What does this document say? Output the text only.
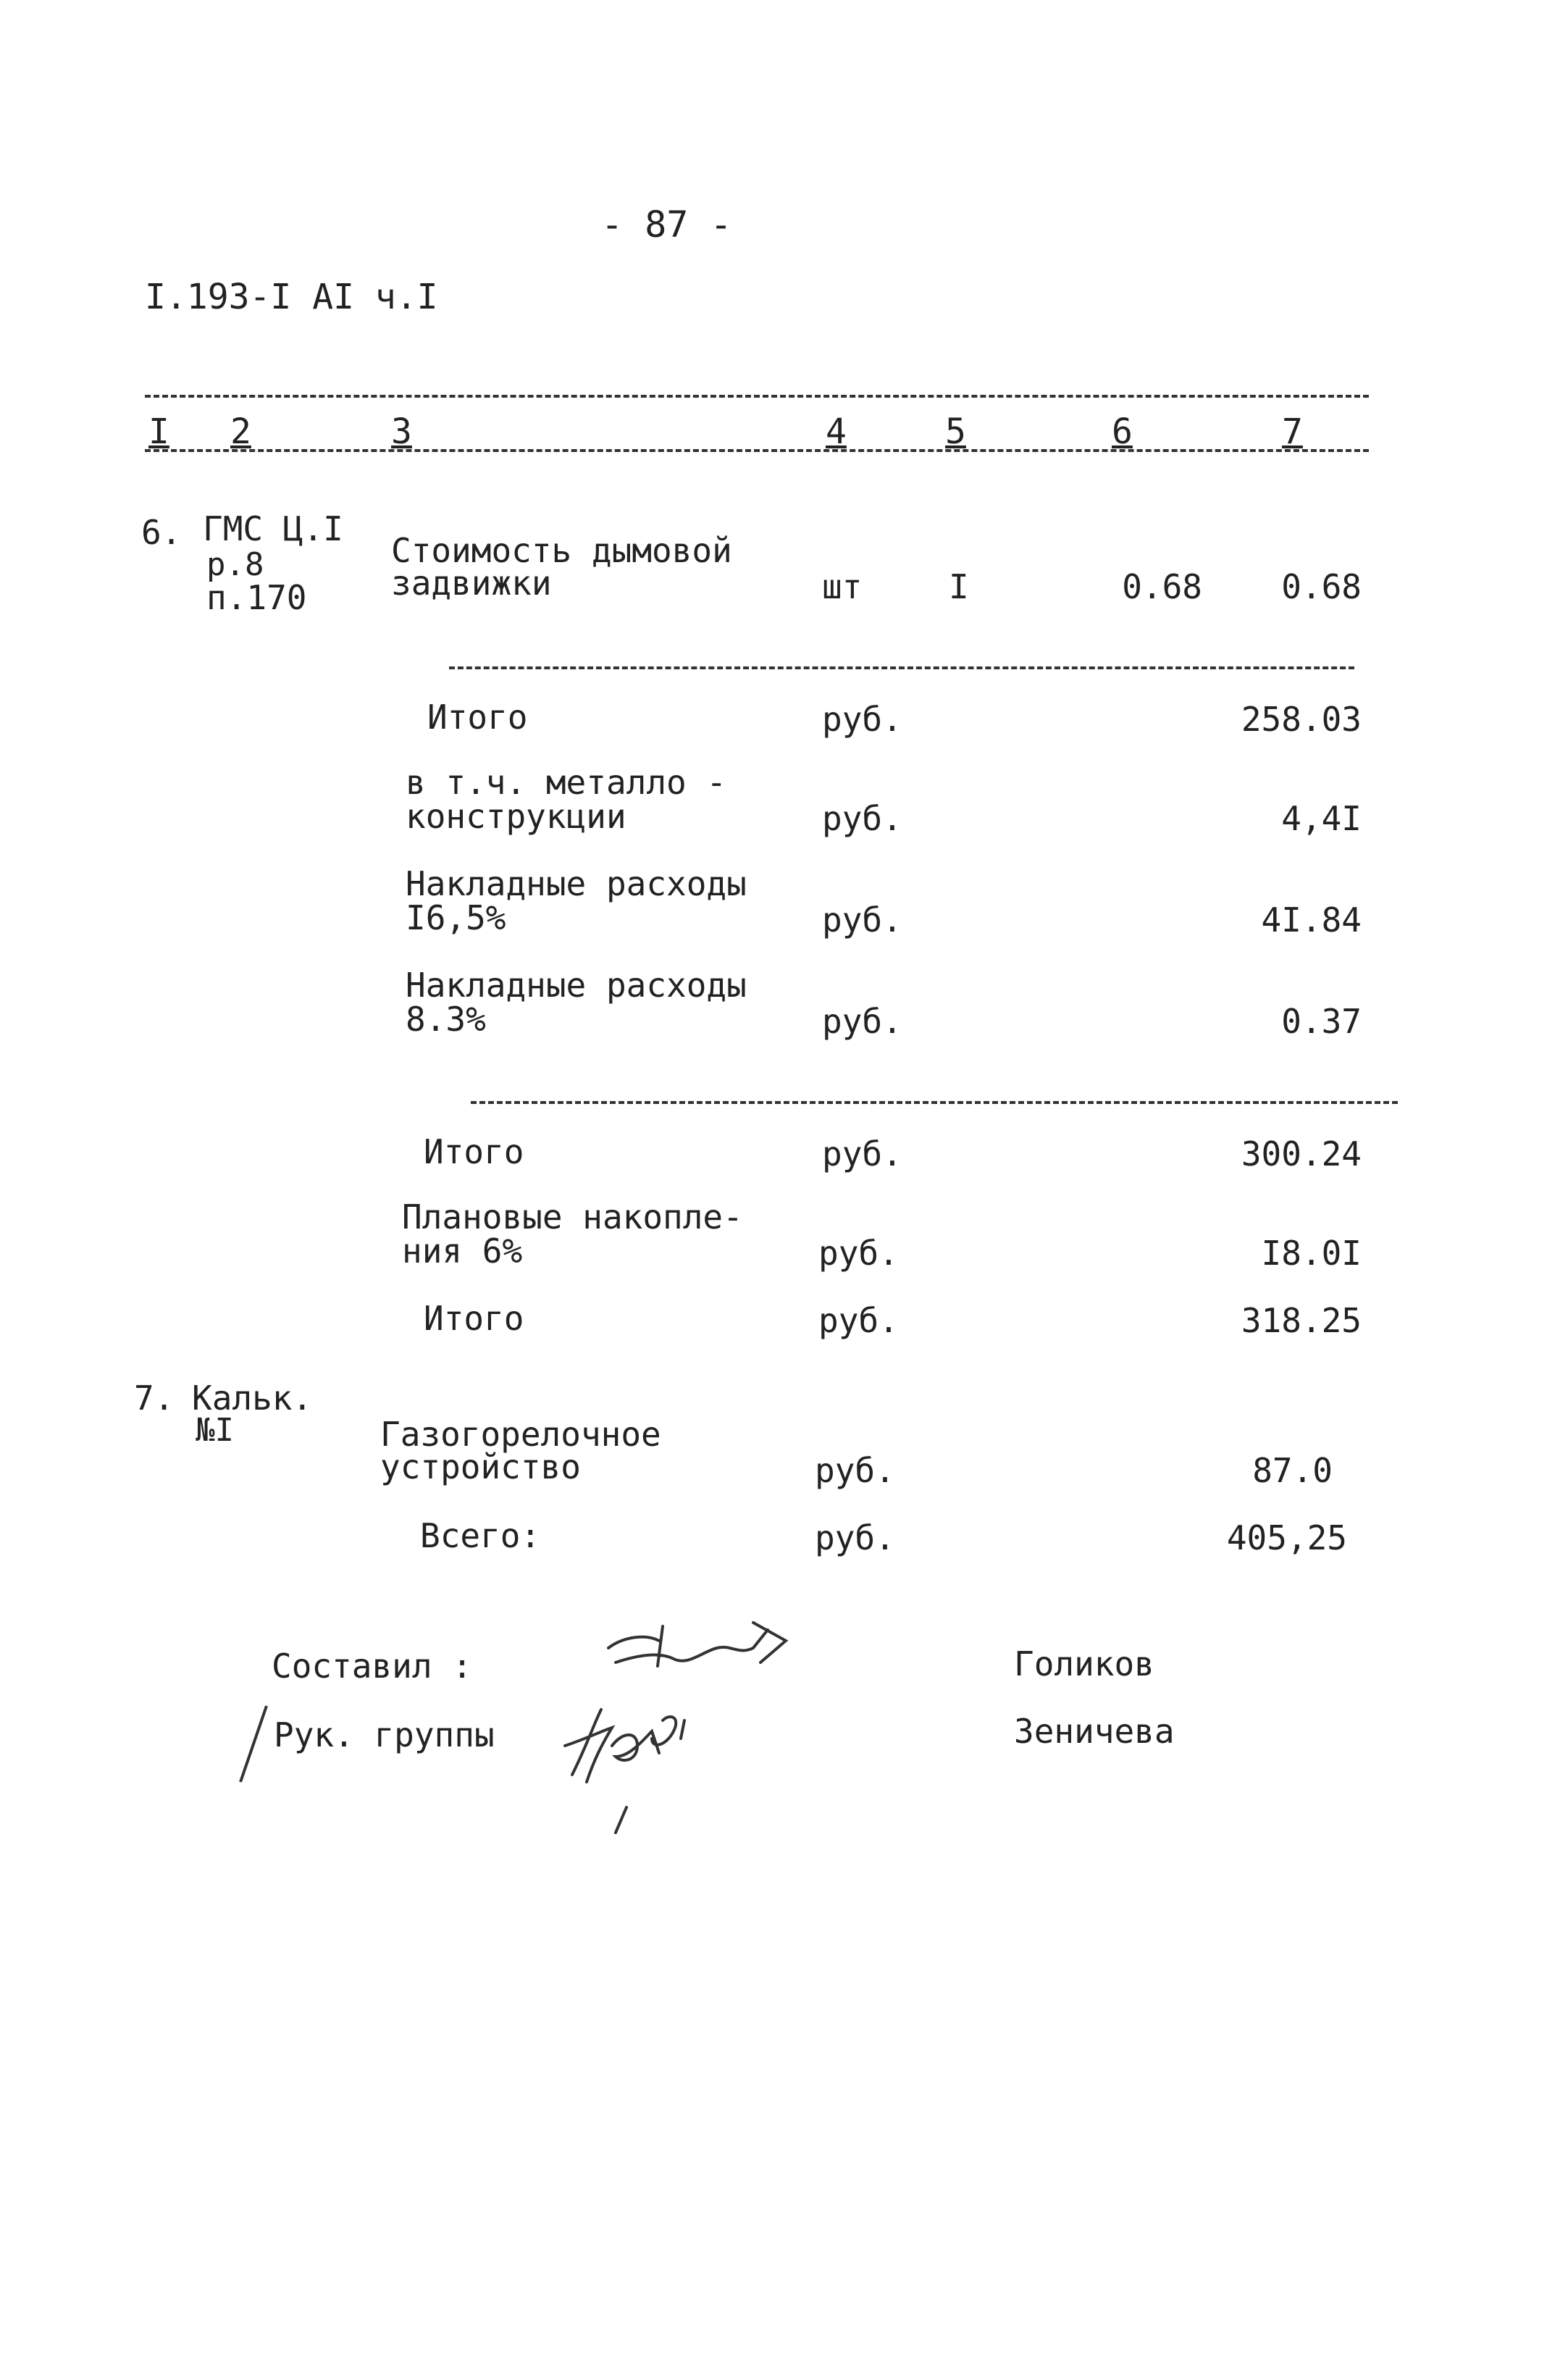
- 87 -
I.193-I AI ч.I
I 2	3	4	5	6	7
6. ГМС Ц.I
р.8
п.170
Стоимость дымовой
задвижки	шт	I	0.68	0.68
Итого	руб.	258.03
в т.ч. металло -
конструкции	руб.	4,4I
Накладные расходы
I6,5%	руб.	4I.84
Накладные расходы
8.3%	руб.	0.37
Итого	руб.	300.24
Плановые накопле-
ния 6%	руб.	I8.0I
Итого	руб.	318.25
7. Кальк.
№I	Газогорелочное
устройство	руб.	87.0
Всего:	руб.	405,25
Составил :	Голиков
Рук. группы	Зеничева
